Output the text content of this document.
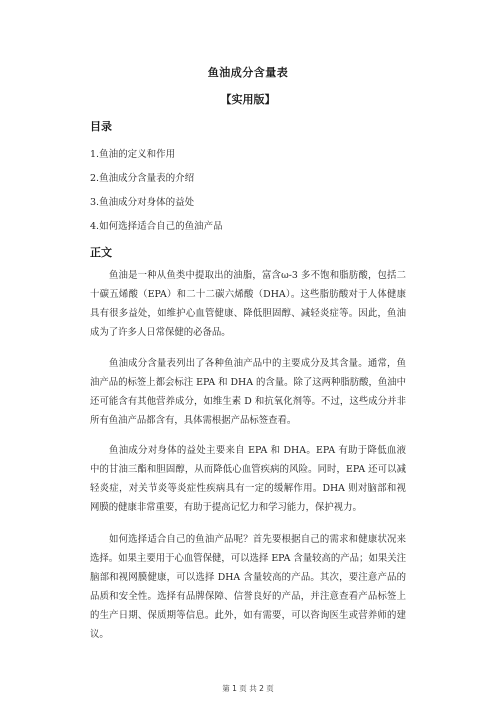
鱼油成分含量表
【实用版】
目录
1.鱼油的定义和作用
2.鱼油成分含量表的介绍
3.鱼油成分对身体的益处
4.如何选择适合自己的鱼油产品
正文
鱼油是一种从鱼类中提取出的油脂，富含ω-3 多不饱和脂肪酸，包括二十碳五烯酸（EPA）和二十二碳六烯酸（DHA）。这些脂肪酸对于人体健康具有很多益处，如维护心血管健康、降低胆固醇、减轻炎症等。因此，鱼油成为了许多人日常保健的必备品。
鱼油成分含量表列出了各种鱼油产品中的主要成分及其含量。通常，鱼油产品的标签上都会标注 EPA 和 DHA 的含量。除了这两种脂肪酸，鱼油中还可能含有其他营养成分，如维生素 D 和抗氧化剂等。不过，这些成分并非所有鱼油产品都含有，具体需根据产品标签查看。
鱼油成分对身体的益处主要来自 EPA 和 DHA。EPA 有助于降低血液中的甘油三酯和胆固醇，从而降低心血管疾病的风险。同时，EPA 还可以减轻炎症，对关节炎等炎症性疾病具有一定的缓解作用。DHA 则对脑部和视网膜的健康非常重要，有助于提高记忆力和学习能力，保护视力。
如何选择适合自己的鱼油产品呢？首先要根据自己的需求和健康状况来选择。如果主要用于心血管保健，可以选择 EPA 含量较高的产品；如果关注脑部和视网膜健康，可以选择 DHA 含量较高的产品。其次，要注意产品的品质和安全性。选择有品牌保障、信誉良好的产品，并注意查看产品标签上的生产日期、保质期等信息。此外，如有需要，可以咨询医生或营养师的建议。
第 1 页 共 2 页
